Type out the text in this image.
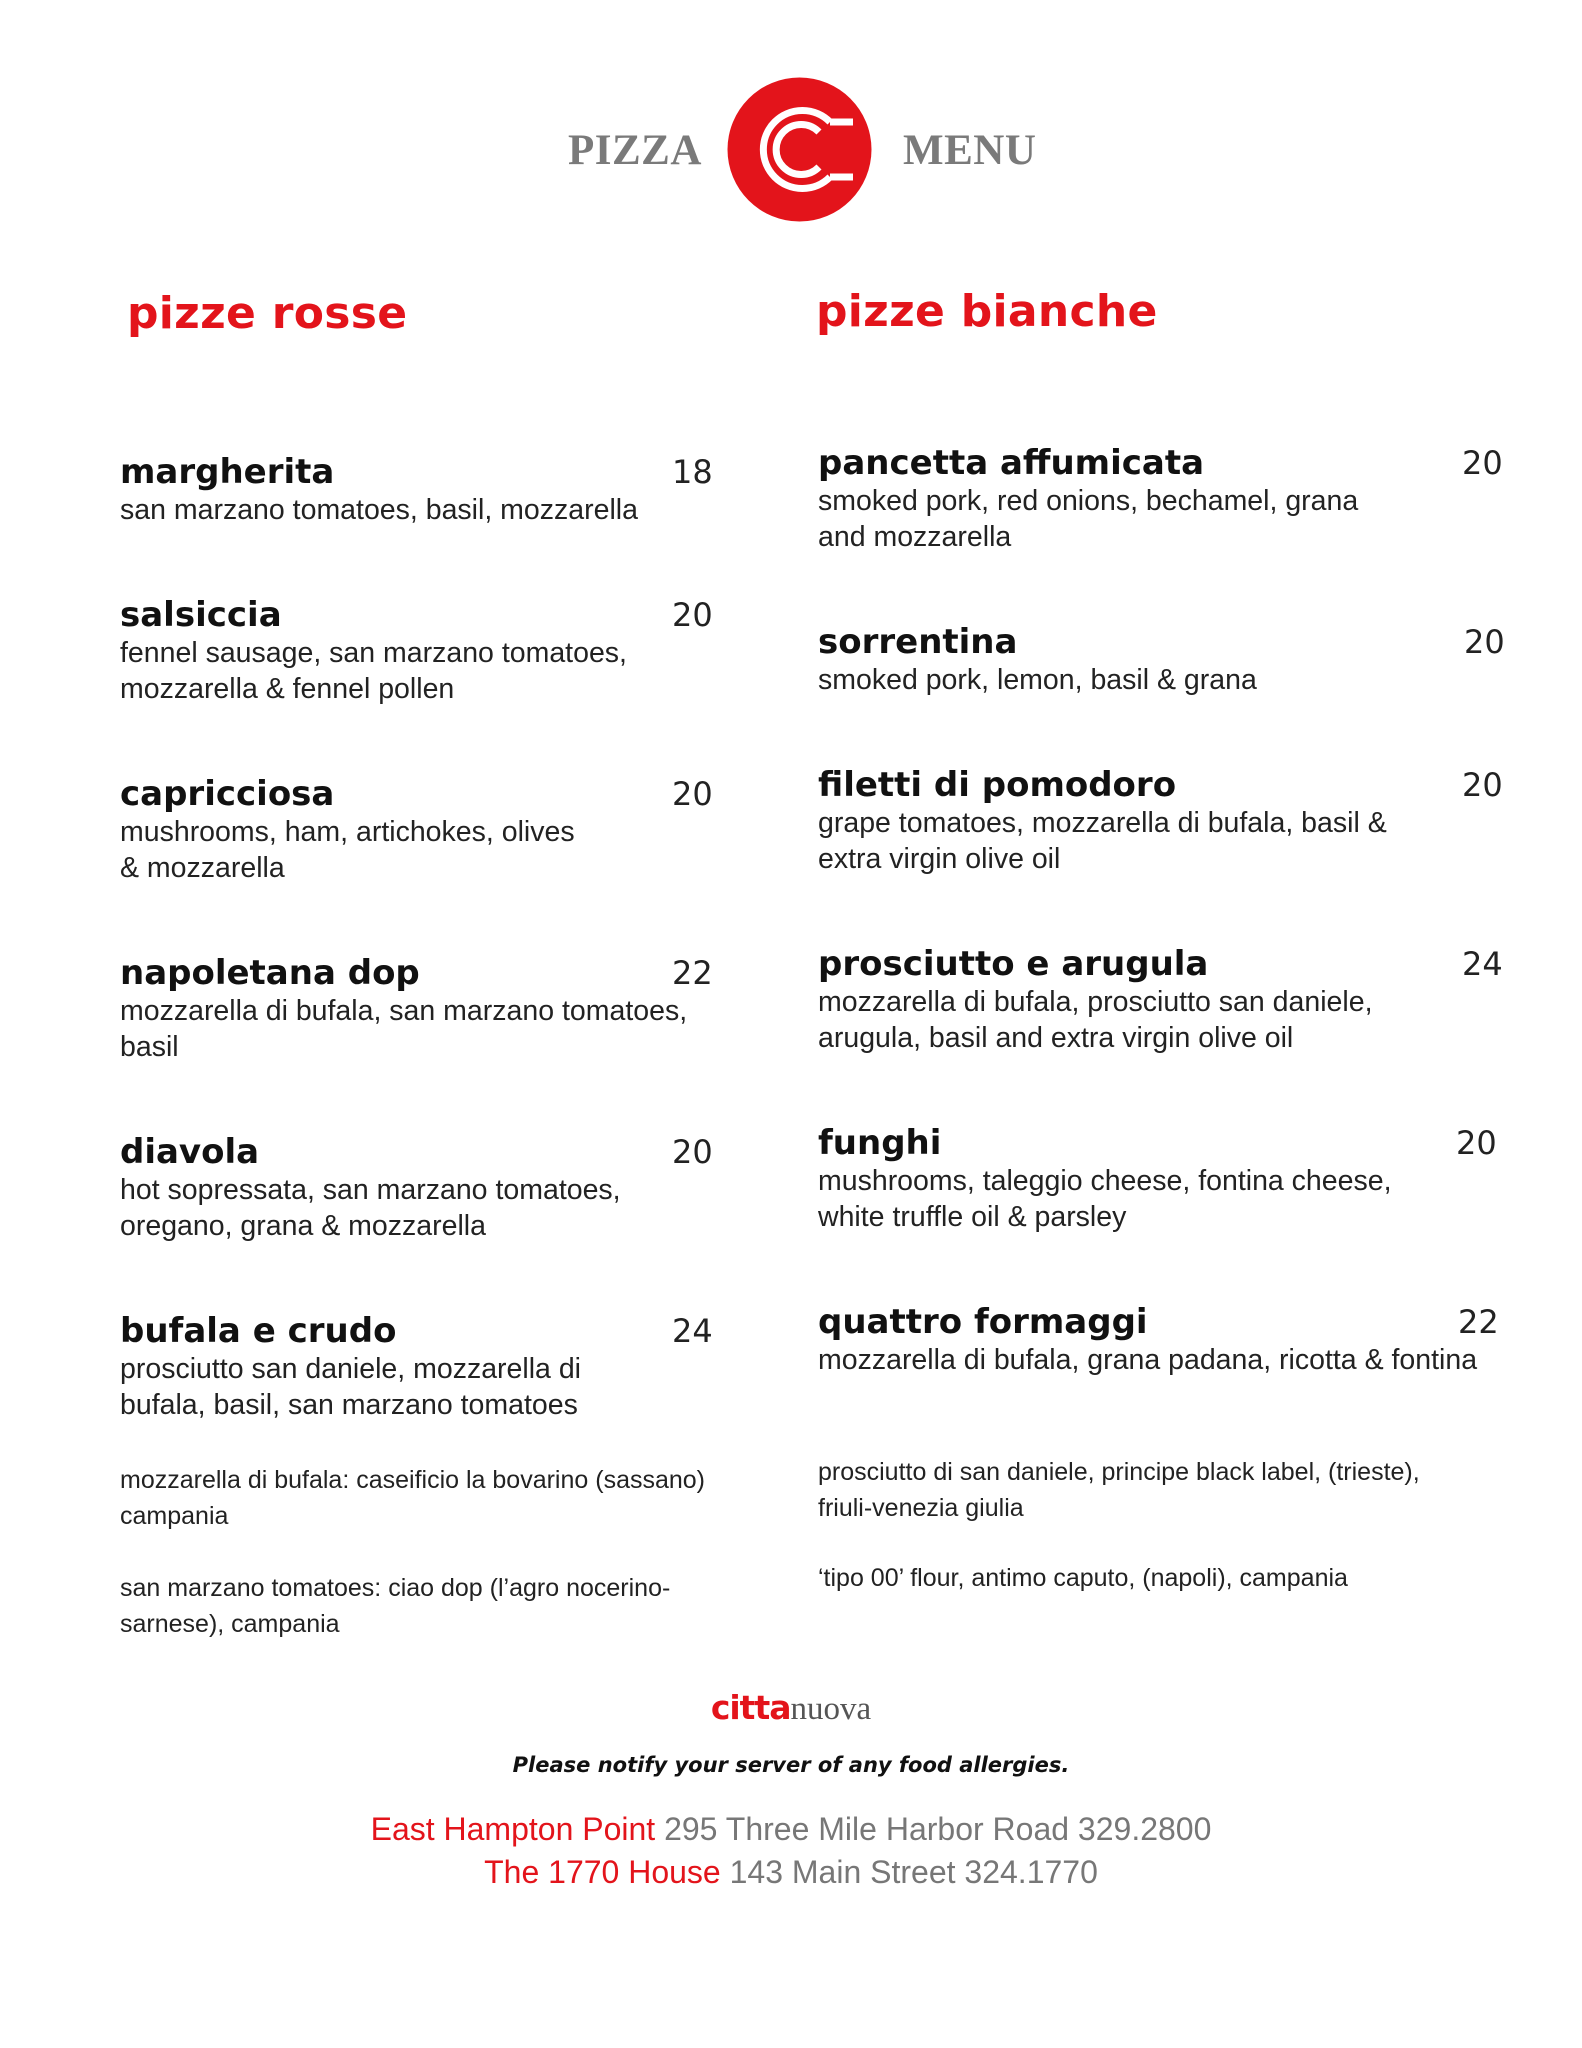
PIZZA	MENU
pizze rosse	pizze bianche
margherita	18
san marzano tomatoes, basil, mozzarella
salsiccia	20
fennel sausage, san marzano tomatoes,
mozzarella & fennel pollen
capricciosa	20
mushrooms, ham, artichokes, olives
& mozzarella
napoletana dop	22
mozzarella di bufala, san marzano tomatoes,
basil
diavola	20
hot sopressata, san marzano tomatoes,
oregano, grana & mozzarella
bufala e crudo	24
prosciutto san daniele, mozzarella di
bufala, basil, san marzano tomatoes
mozzarella di bufala: caseificio la bovarino (sassano)
campania
san marzano tomatoes: ciao dop (l’agro nocerino-
sarnese), campania
pancetta affumicata	20
smoked pork, red onions, bechamel, grana
and mozzarella
sorrentina	20
smoked pork, lemon, basil & grana
filetti di pomodoro	20
grape tomatoes, mozzarella di bufala, basil &
extra virgin olive oil
prosciutto e arugula	24
mozzarella di bufala, prosciutto san daniele,
arugula, basil and extra virgin olive oil
funghi	20
mushrooms, taleggio cheese, fontina cheese,
white truffle oil & parsley
quattro formaggi	22
mozzarella di bufala, grana padana, ricotta & fontina
prosciutto di san daniele, principe black label, (trieste),
friuli-venezia giulia
‘tipo 00’ flour, antimo caputo, (napoli), campania
cittanuova
Please notify your server of any food allergies.
East Hampton Point 295 Three Mile Harbor Road 329.2800
The 1770 House 143 Main Street 324.1770
